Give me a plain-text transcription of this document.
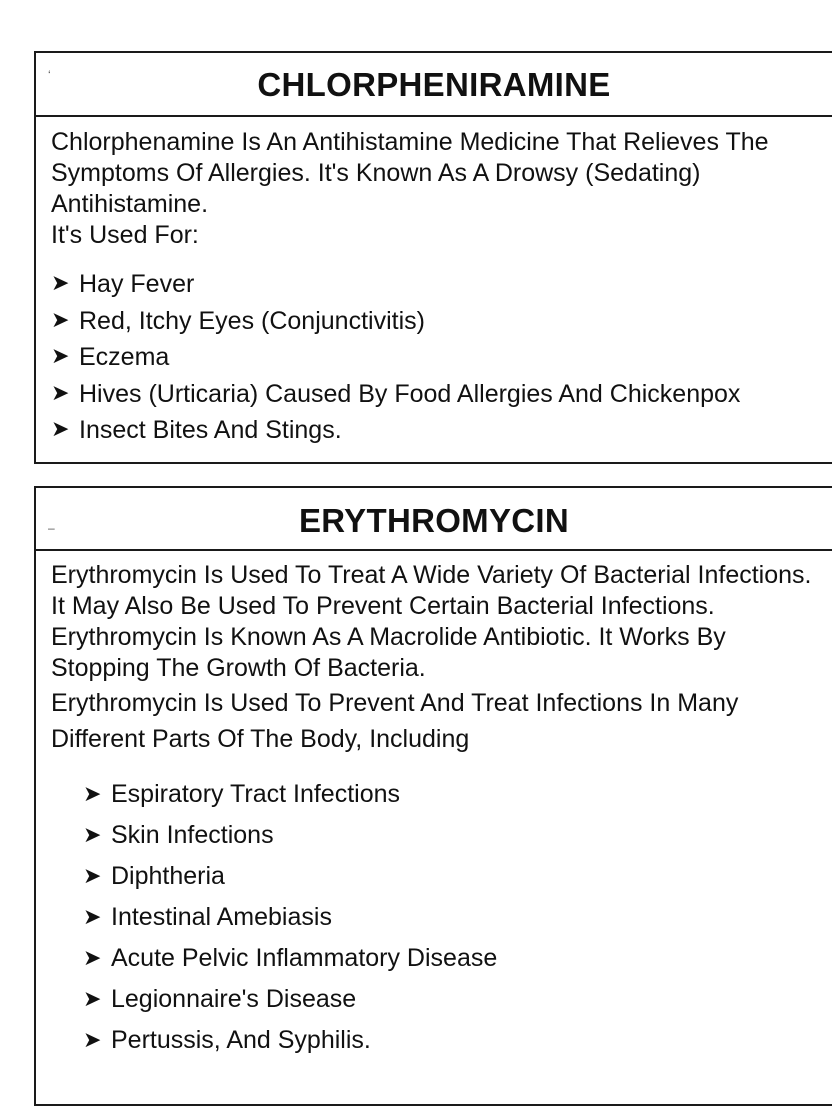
‘	CHLORPHENIRAMINE

Chlorphenamine Is An Antihistamine Medicine That Relieves The Symptoms Of Allergies. It's Known As A Drowsy (Sedating) Antihistamine.

It's Used For:

➤ Hay Fever
➤ Red, Itchy Eyes (Conjunctivitis)
➤ Eczema
➤ Hives (Urticaria) Caused By Food Allergies And Chickenpox
➤ Insect Bites And Stings.
–	ERYTHROMYCIN

Erythromycin Is Used To Treat A Wide Variety Of Bacterial Infections. It May Also Be Used To Prevent Certain Bacterial Infections. Erythromycin Is Known As A Macrolide Antibiotic. It Works By Stopping The Growth Of Bacteria.

Erythromycin Is Used To Prevent And Treat Infections In Many Different Parts Of The Body, Including

➤ Espiratory Tract Infections
➤ Skin Infections
➤ Diphtheria
➤ Intestinal Amebiasis
➤ Acute Pelvic Inflammatory Disease
➤ Legionnaire's Disease
➤ Pertussis, And Syphilis.
